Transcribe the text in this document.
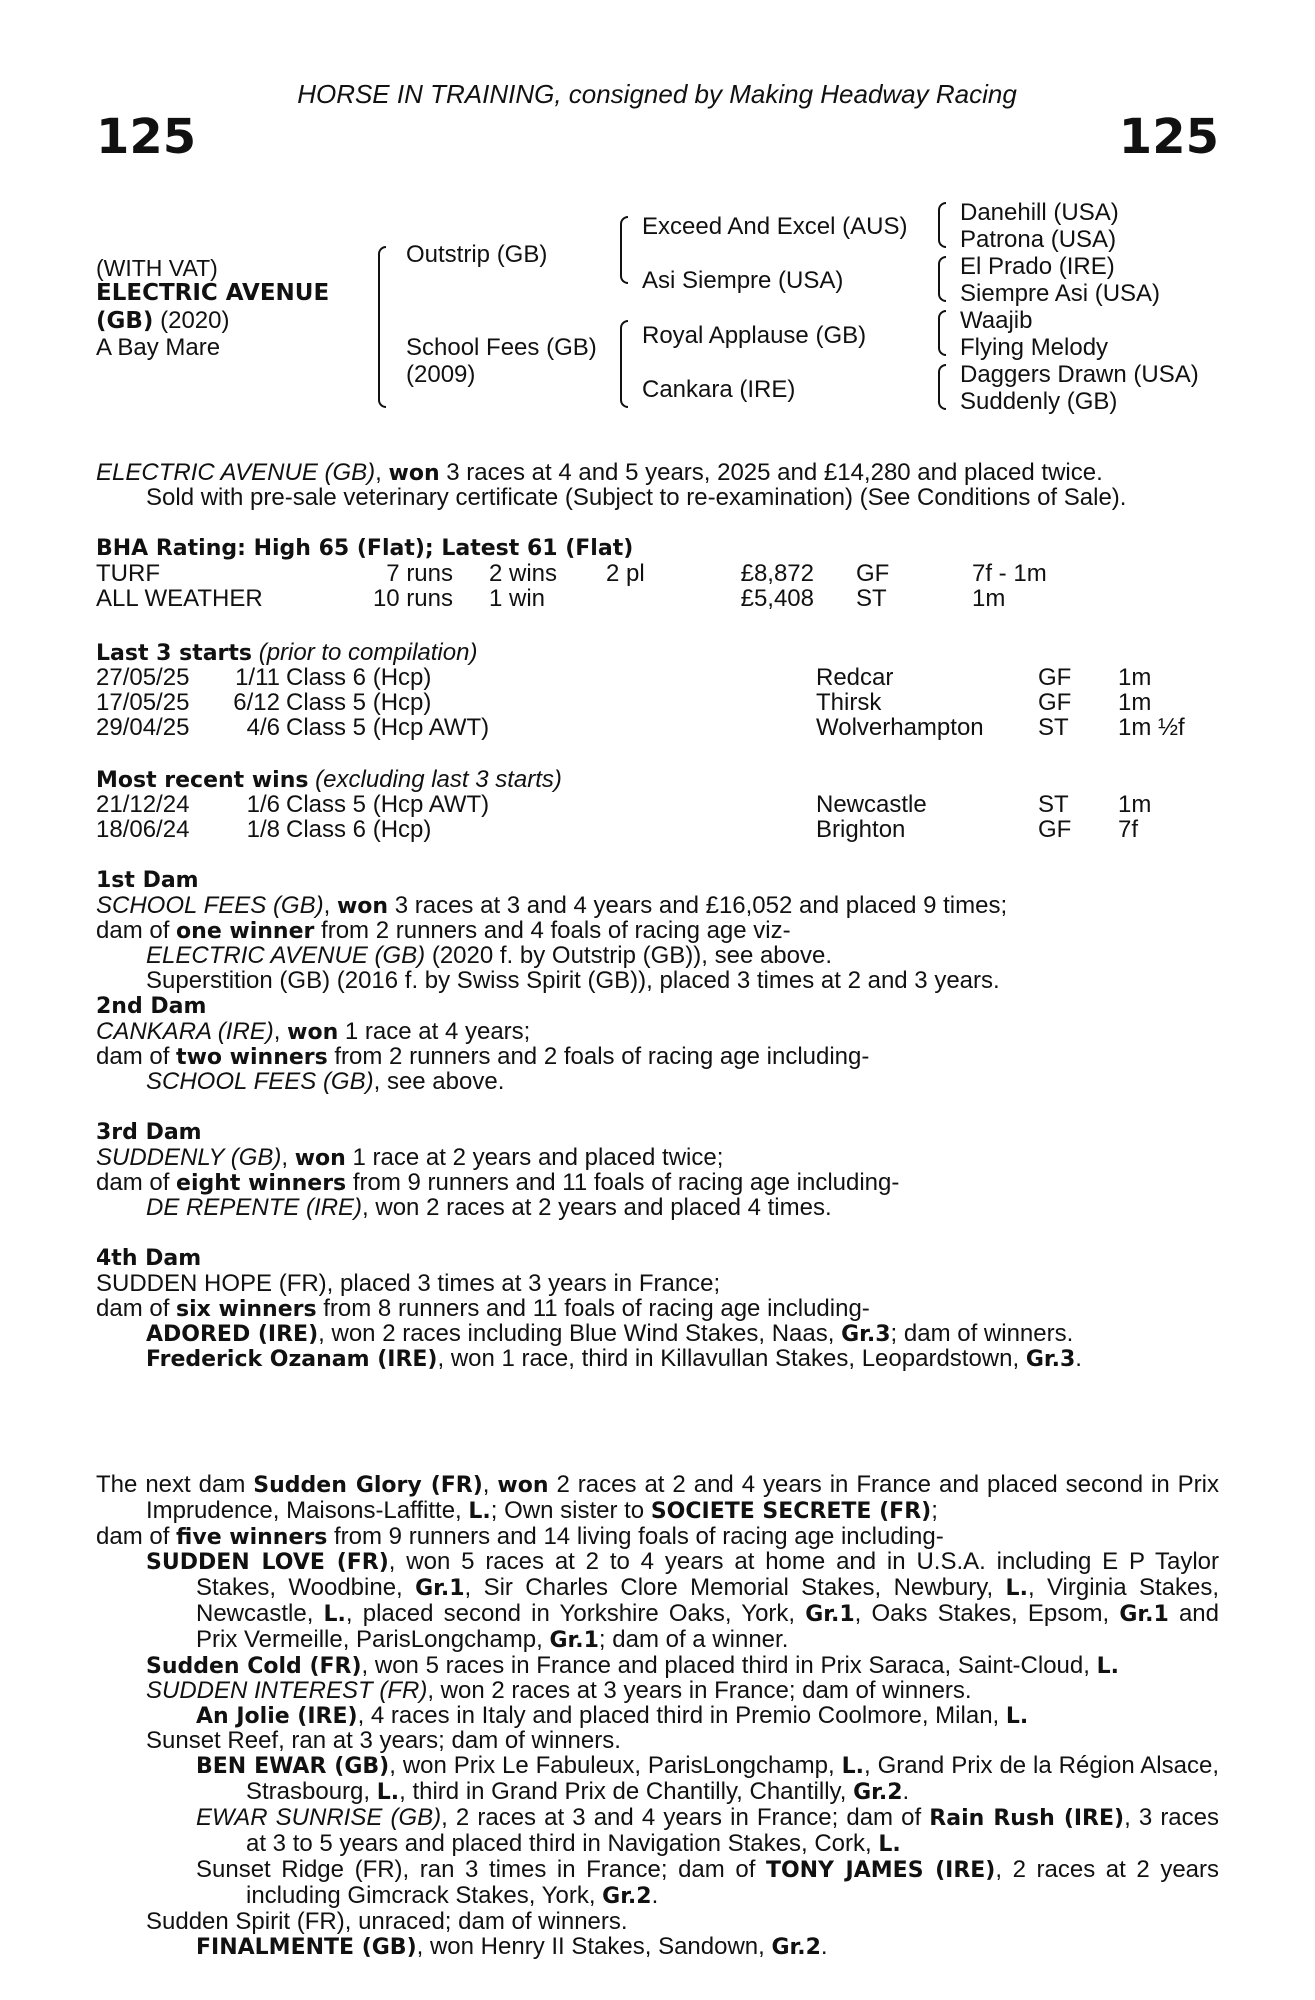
HORSE IN TRAINING, consigned by Making Headway Racing
125	125
(WITH VAT)
ELECTRIC AVENUE
(GB) (2020)
A Bay Mare
Outstrip (GB)
School Fees (GB)
(2009)
Exceed And Excel (AUS)
Asi Siempre (USA)
Royal Applause (GB)
Cankara (IRE)
Danehill (USA)
Patrona (USA)
El Prado (IRE)
Siempre Asi (USA)
Waajib
Flying Melody
Daggers Drawn (USA)
Suddenly (GB)
ELECTRIC AVENUE (GB), won 3 races at 4 and 5 years, 2025 and £14,280 and placed twice.
Sold with pre-sale veterinary certificate (Subject to re-examination) (See Conditions of Sale).
BHA Rating: High 65 (Flat); Latest 61 (Flat)
TURF	7 runs 2 wins 2 pl	£8,872 GF	7f - 1m
ALL WEATHER	10 runs 1 win	£5,408 ST	1m
Last 3 starts (prior to compilation)
27/05/25	1/11 Class 6 (Hcp)	Redcar	GF 1m
17/05/25	6/12 Class 5 (Hcp)	Thirsk	GF 1m
29/04/25	4/6 Class 5 (Hcp AWT)	Wolverhampton ST 1m ½f
Most recent wins (excluding last 3 starts)
21/12/24	1/6 Class 5 (Hcp AWT)	Newcastle	ST 1m
18/06/24	1/8 Class 6 (Hcp)	Brighton	GF 7f
1st Dam
SCHOOL FEES (GB), won 3 races at 3 and 4 years and £16,052 and placed 9 times;
dam of one winner from 2 runners and 4 foals of racing age viz-
ELECTRIC AVENUE (GB) (2020 f. by Outstrip (GB)), see above.
Superstition (GB) (2016 f. by Swiss Spirit (GB)), placed 3 times at 2 and 3 years.
2nd Dam
CANKARA (IRE), won 1 race at 4 years;
dam of two winners from 2 runners and 2 foals of racing age including-
SCHOOL FEES (GB), see above.
3rd Dam
SUDDENLY (GB), won 1 race at 2 years and placed twice;
dam of eight winners from 9 runners and 11 foals of racing age including-
DE REPENTE (IRE), won 2 races at 2 years and placed 4 times.
4th Dam
SUDDEN HOPE (FR), placed 3 times at 3 years in France;
dam of six winners from 8 runners and 11 foals of racing age including-
ADORED (IRE), won 2 races including Blue Wind Stakes, Naas, Gr.3; dam of winners.
Frederick Ozanam (IRE), won 1 race, third in Killavullan Stakes, Leopardstown, Gr.3.
The next dam Sudden Glory (FR), won 2 races at 2 and 4 years in France and placed second in Prix Imprudence, Maisons-Laffitte, L.; Own sister to SOCIETE SECRETE (FR);
dam of five winners from 9 runners and 14 living foals of racing age including-
SUDDEN LOVE (FR), won 5 races at 2 to 4 years at home and in U.S.A. including E P Taylor Stakes, Woodbine, Gr.1, Sir Charles Clore Memorial Stakes, Newbury, L., Virginia Stakes, Newcastle, L., placed second in Yorkshire Oaks, York, Gr.1, Oaks Stakes, Epsom, Gr.1 and Prix Vermeille, ParisLongchamp, Gr.1; dam of a winner.
Sudden Cold (FR), won 5 races in France and placed third in Prix Saraca, Saint-Cloud, L.
SUDDEN INTEREST (FR), won 2 races at 3 years in France; dam of winners.
An Jolie (IRE), 4 races in Italy and placed third in Premio Coolmore, Milan, L.
Sunset Reef, ran at 3 years; dam of winners.
BEN EWAR (GB), won Prix Le Fabuleux, ParisLongchamp, L., Grand Prix de la Région Alsace, Strasbourg, L., third in Grand Prix de Chantilly, Chantilly, Gr.2.
EWAR SUNRISE (GB), 2 races at 3 and 4 years in France; dam of Rain Rush (IRE), 3 races at 3 to 5 years and placed third in Navigation Stakes, Cork, L.
Sunset Ridge (FR), ran 3 times in France; dam of TONY JAMES (IRE), 2 races at 2 years including Gimcrack Stakes, York, Gr.2.
Sudden Spirit (FR), unraced; dam of winners.
FINALMENTE (GB), won Henry II Stakes, Sandown, Gr.2.
